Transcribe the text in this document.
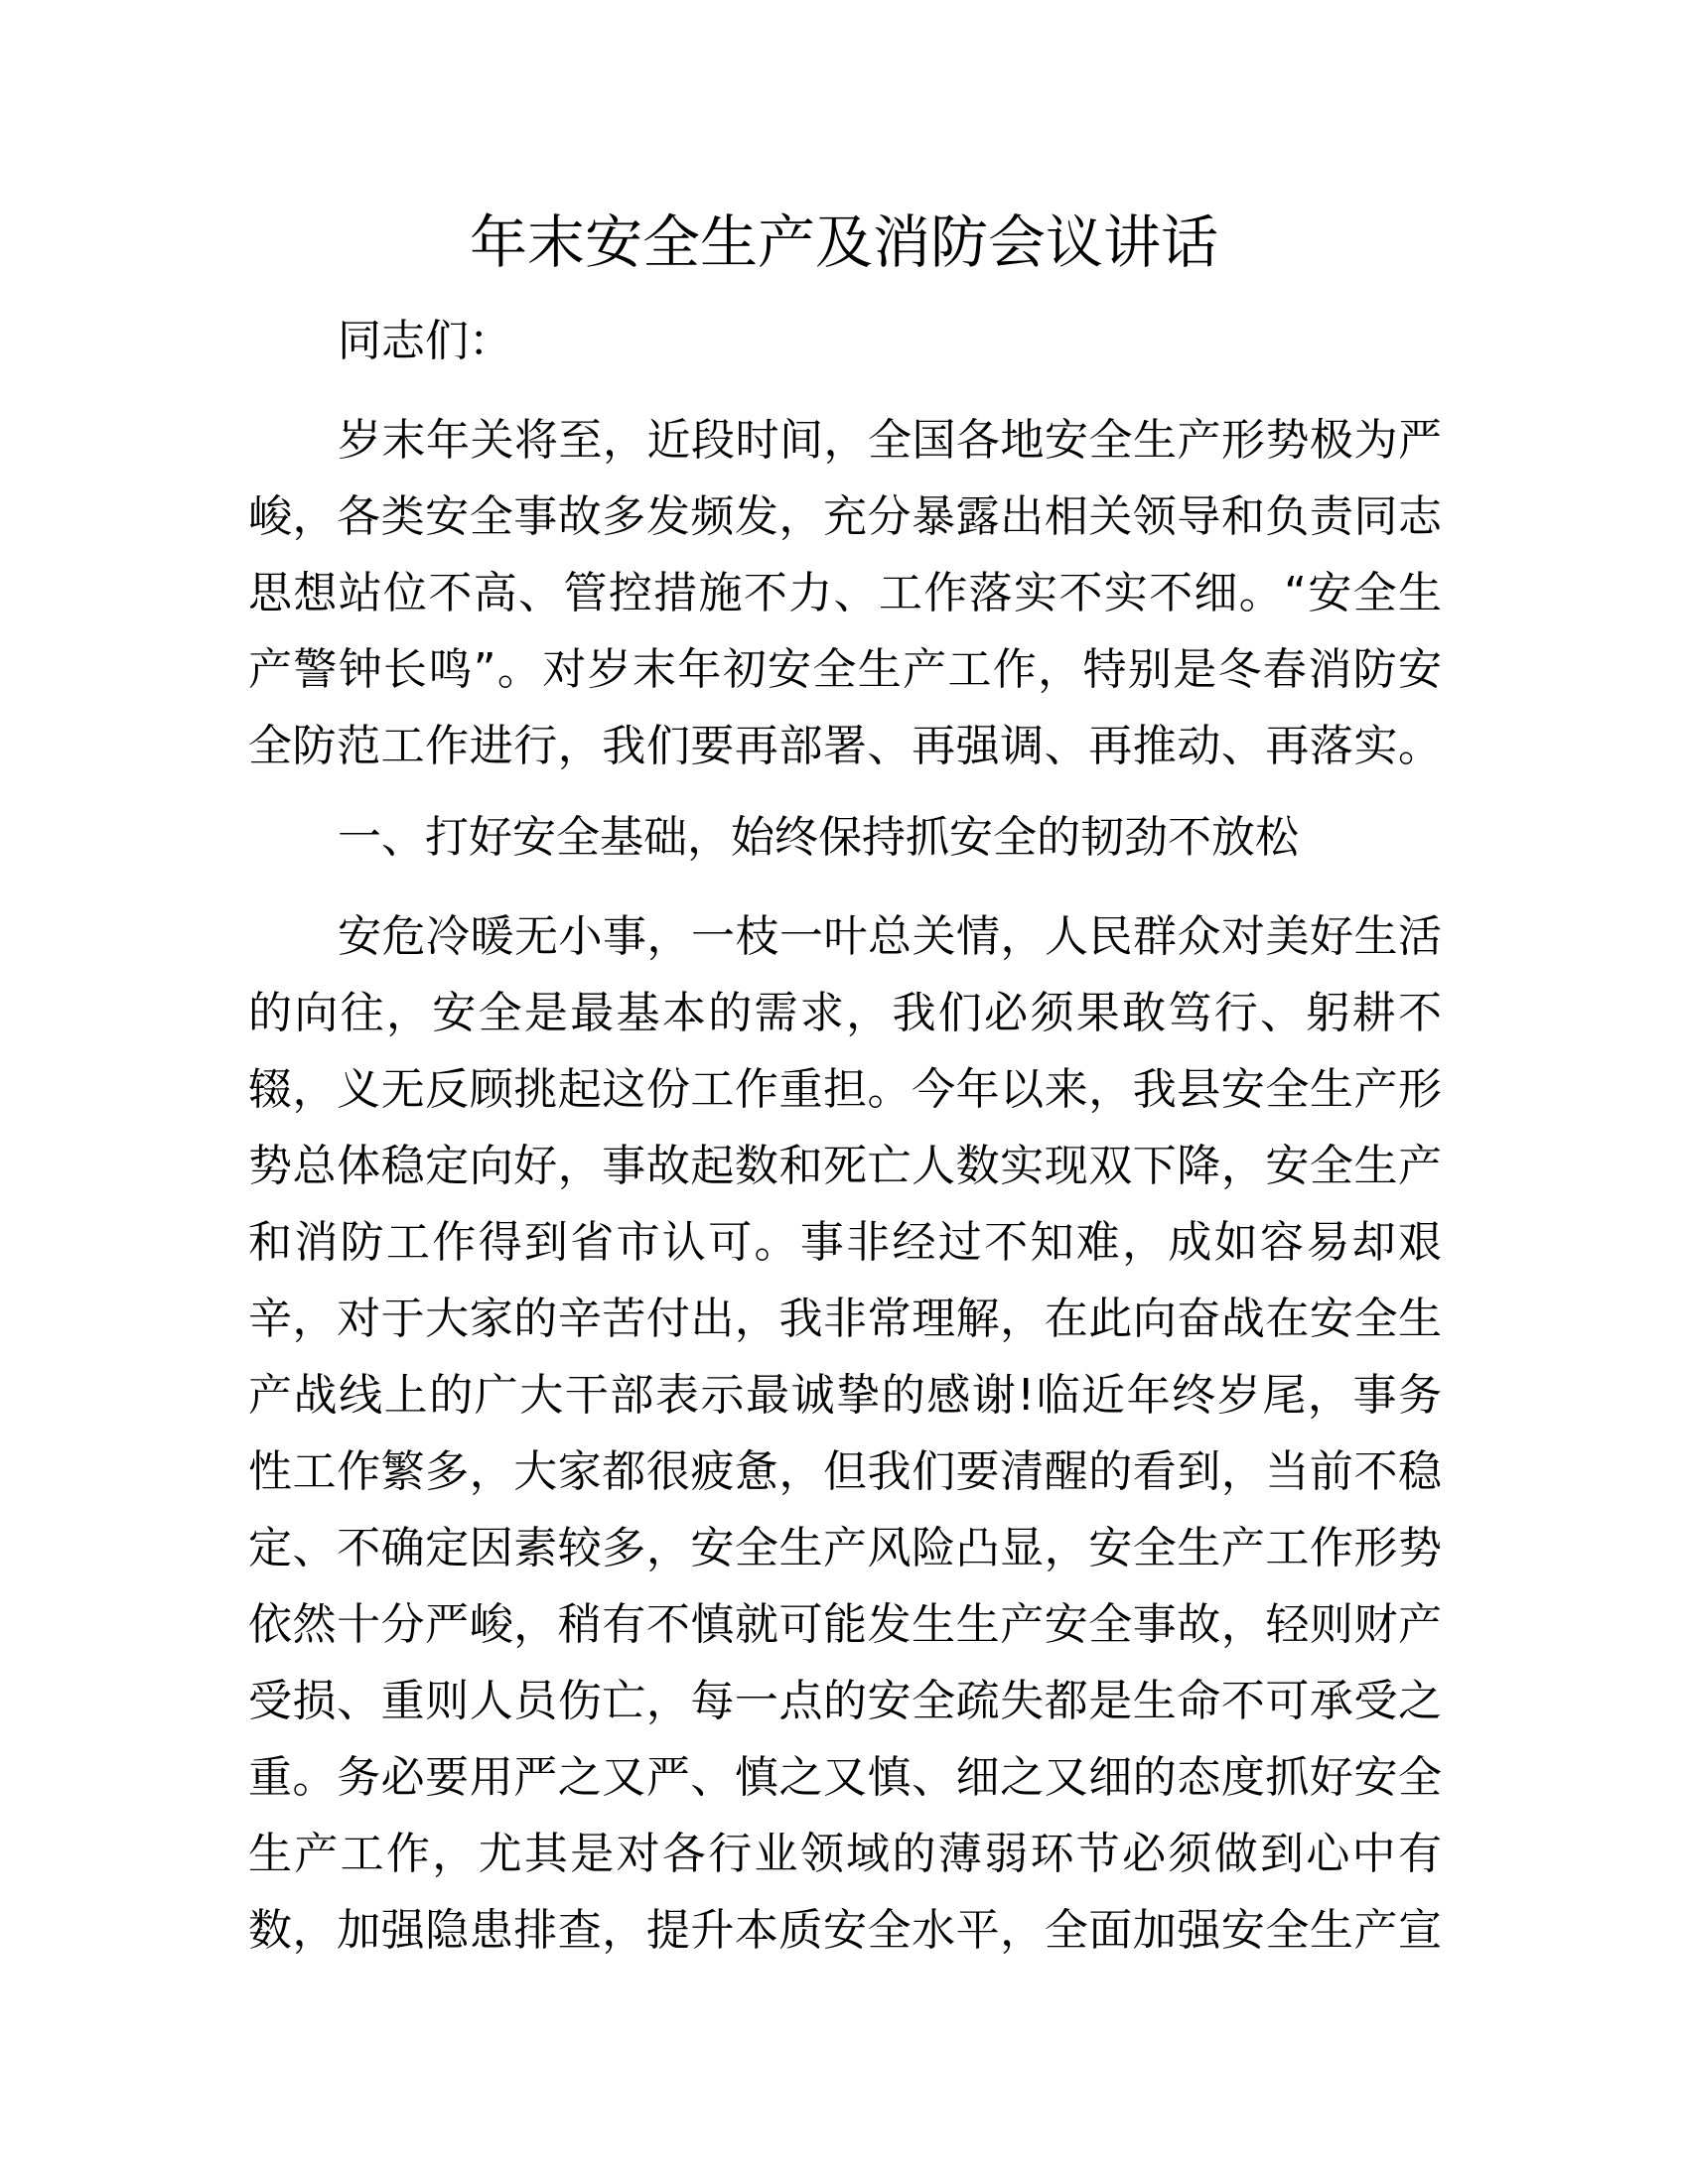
年末安全生产及消防会议讲话
同志们：
岁末年关将至，近段时间，全国各地安全生产形势极为严
峻，各类安全事故多发频发，充分暴露出相关领导和负责同志
思想站位不高、管控措施不力、工作落实不实不细。“安全生
产警钟长鸣”。对岁末年初安全生产工作，特别是冬春消防安
全防范工作进行，我们要再部署、再强调、再推动、再落实。
一、打好安全基础，始终保持抓安全的韧劲不放松
安危冷暖无小事，一枝一叶总关情，人民群众对美好生活
的向往，安全是最基本的需求，我们必须果敢笃行、躬耕不
辍，义无反顾挑起这份工作重担。今年以来，我县安全生产形
势总体稳定向好，事故起数和死亡人数实现双下降，安全生产
和消防工作得到省市认可。事非经过不知难，成如容易却艰
辛，对于大家的辛苦付出，我非常理解，在此向奋战在安全生
产战线上的广大干部表示最诚挚的感谢!临近年终岁尾，事务
性工作繁多，大家都很疲惫，但我们要清醒的看到，当前不稳
定、不确定因素较多，安全生产风险凸显，安全生产工作形势
依然十分严峻，稍有不慎就可能发生生产安全事故，轻则财产
受损、重则人员伤亡，每一点的安全疏失都是生命不可承受之
重。务必要用严之又严、慎之又慎、细之又细的态度抓好安全
生产工作，尤其是对各行业领域的薄弱环节必须做到心中有
数，加强隐患排查，提升本质安全水平，全面加强安全生产宣
